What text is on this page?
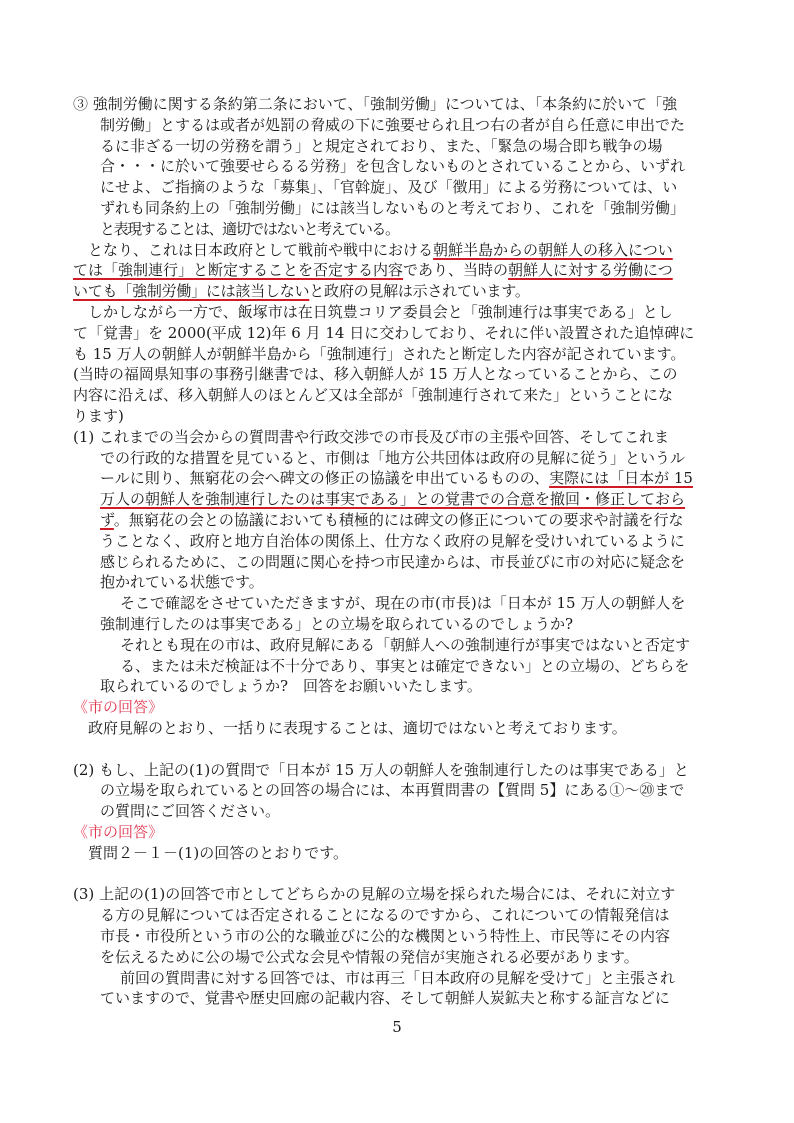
③ 強制労働に関する条約第二条において、「強制労働」については、「本条約に於いて「強
制労働」とするは或者が処罰の脅威の下に強要せられ且つ右の者が自ら任意に申出でた
るに非ざる一切の労務を謂う」と規定されており、また、「緊急の場合即ち戦争の場
合・・・に於いて強要せらるる労務」を包含しないものとされていることから、いずれ
にせよ、ご指摘のような「募集」、「官斡旋」、及び「徴用」による労務については、い
ずれも同条約上の「強制労働」には該当しないものと考えており、これを「強制労働」
と表現することは、適切ではないと考えている。
となり、これは日本政府として戦前や戦中における朝鮮半島からの朝鮮人の移入につい
ては「強制連行」と断定することを否定する内容であり、当時の朝鮮人に対する労働につ
いても「強制労働」には該当しないと政府の見解は示されています。
しかしながら一方で、飯塚市は在日筑豊コリア委員会と「強制連行は事実である」とし
て「覚書」を 2000(平成 12)年 6 月 14 日に交わしており、それに伴い設置された追悼碑に
も 15 万人の朝鮮人が朝鮮半島から「強制連行」されたと断定した内容が記されています。
(当時の福岡県知事の事務引継書では、移入朝鮮人が 15 万人となっていることから、この
内容に沿えば、移入朝鮮人のほとんど又は全部が「強制連行されて来た」ということにな
ります)
(1) これまでの当会からの質問書や行政交渉での市長及び市の主張や回答、そしてこれま
での行政的な措置を見ていると、市側は「地方公共団体は政府の見解に従う」というル
ールに則り、無窮花の会へ碑文の修正の協議を申出ているものの、実際には「日本が 15
万人の朝鮮人を強制連行したのは事実である」との覚書での合意を撤回・修正しておら
ず。無窮花の会との協議においても積極的には碑文の修正についての要求や討議を行な
うことなく、政府と地方自治体の関係上、仕方なく政府の見解を受けいれているように
感じられるために、この問題に関心を持つ市民達からは、市長並びに市の対応に疑念を
抱かれている状態です。
そこで確認をさせていただきますが、現在の市(市長)は「日本が 15 万人の朝鮮人を
強制連行したのは事実である」との立場を取られているのでしょうか?
それとも現在の市は、政府見解にある「朝鮮人への強制連行が事実ではないと否定す
る、または未だ検証は不十分であり、事実とは確定できない」との立場の、どちらを
取られているのでしょうか?　回答をお願いいたします。
《市の回答》
政府見解のとおり、一括りに表現することは、適切ではないと考えております。
(2) もし、上記の(1)の質問で「日本が 15 万人の朝鮮人を強制連行したのは事実である」と
の立場を取られているとの回答の場合には、本再質問書の【質問 5】にある①～⑳まで
の質問にご回答ください。
《市の回答》
質問２－１－(1)の回答のとおりです。
(3) 上記の(1)の回答で市としてどちらかの見解の立場を採られた場合には、それに対立す
る方の見解については否定されることになるのですから、これについての情報発信は
市長・市役所という市の公的な職並びに公的な機関という特性上、市民等にその内容
を伝えるために公の場で公式な会見や情報の発信が実施される必要があります。
前回の質問書に対する回答では、市は再三「日本政府の見解を受けて」と主張され
ていますので、覚書や歴史回廊の記載内容、そして朝鮮人炭鉱夫と称する証言などに
5
